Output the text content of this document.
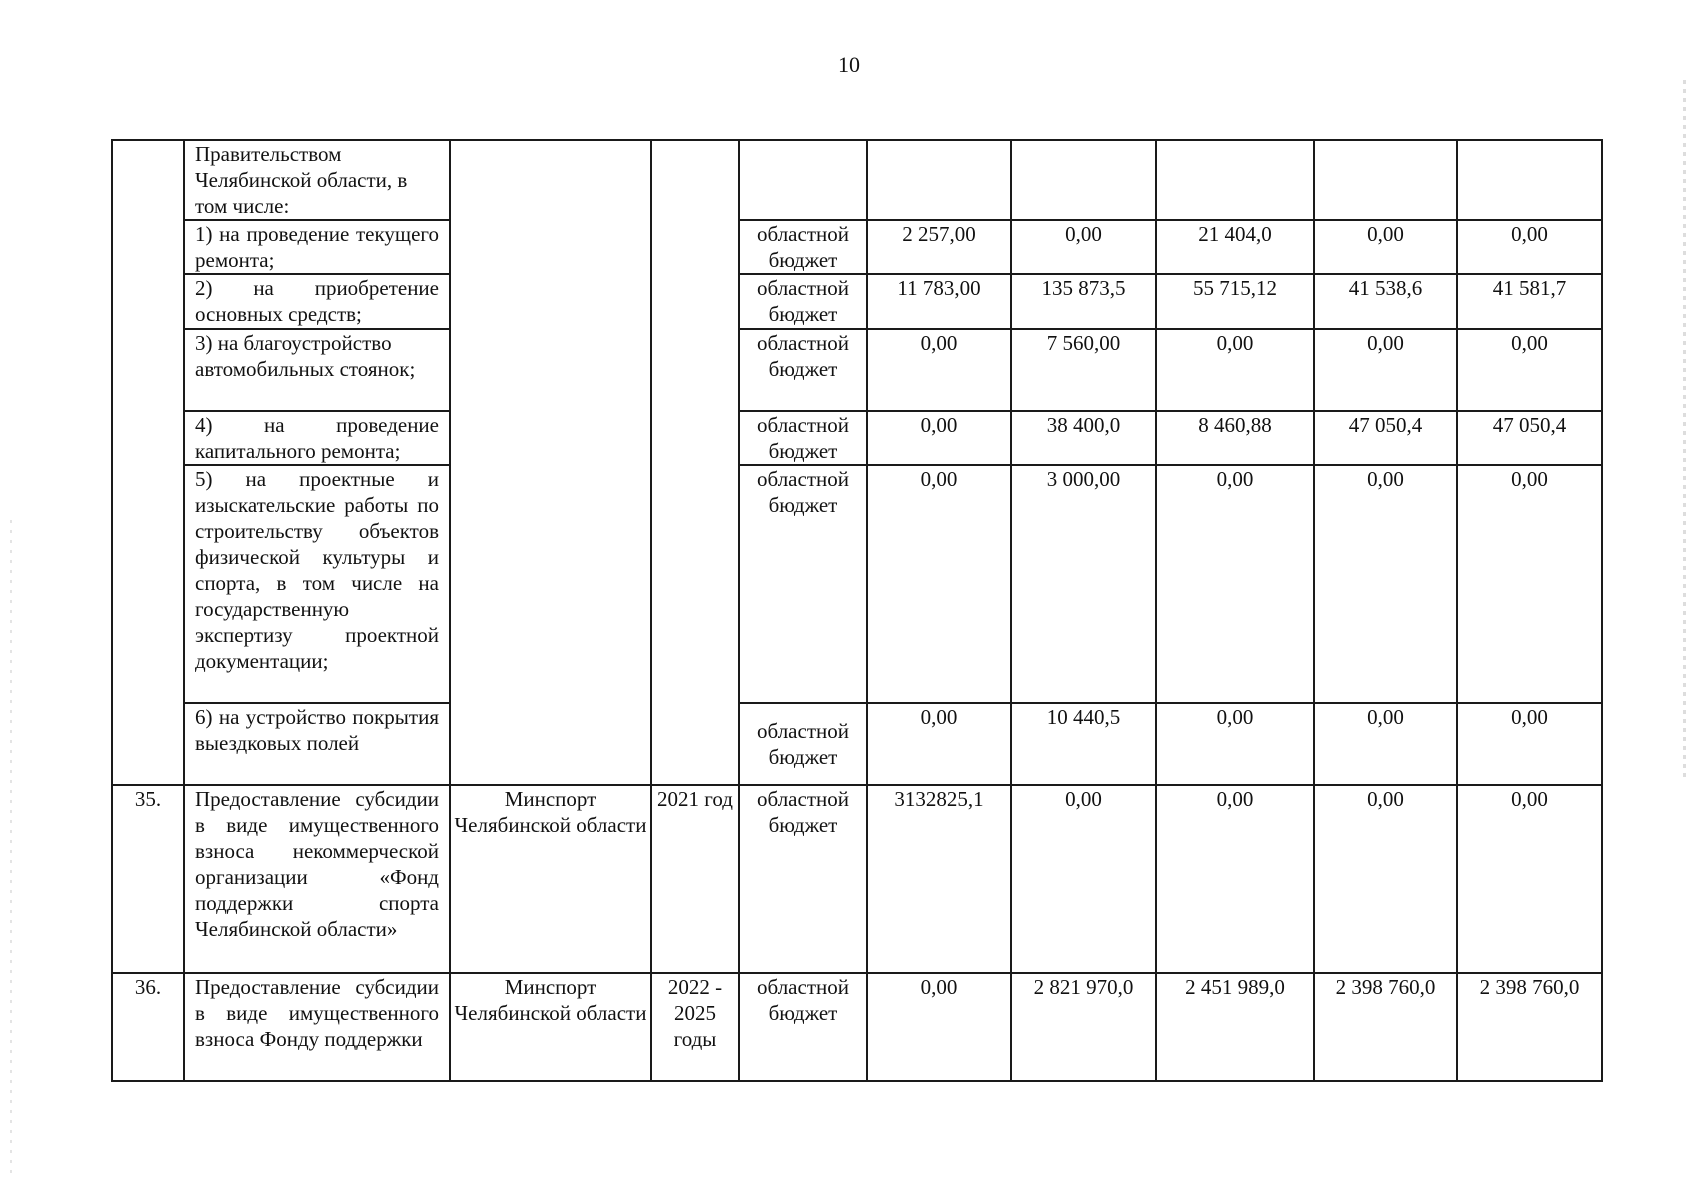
10
	Правительством Челябинской области, в том числе:								
	1) на проведение текущего ремонта;			областной бюджет	2 257,00	0,00	21 404,0	0,00	0,00
	2) на приобретение основных средств;			областной бюджет	11 783,00	135 873,5	55 715,12	41 538,6	41 581,7
	3) на благоустройство автомобильных стоянок;			областной бюджет	0,00	7 560,00	0,00	0,00	0,00
	4) на проведение капитального ремонта;			областной бюджет	0,00	38 400,0	8 460,88	47 050,4	47 050,4
	5) на проектные и изыскательские работы по строительству объектов физической культуры и спорта, в том числе на государственную экспертизу проектной документации;			областной бюджет	0,00	3 000,00	0,00	0,00	0,00
	6) на устройство покрытия выездковых полей			областной бюджет	0,00	10 440,5	0,00	0,00	0,00
35.	Предоставление субсидии в виде имущественного взноса некоммерческой организации «Фонд поддержки спорта Челябинской области»	Минспорт Челябинской области	2021 год	областной бюджет	3132825,1	0,00	0,00	0,00	0,00
36.	Предоставление субсидии в виде имущественного взноса Фонду поддержки	Минспорт Челябинской области	2022 - 2025 годы	областной бюджет	0,00	2 821 970,0	2 451 989,0	2 398 760,0	2 398 760,0
